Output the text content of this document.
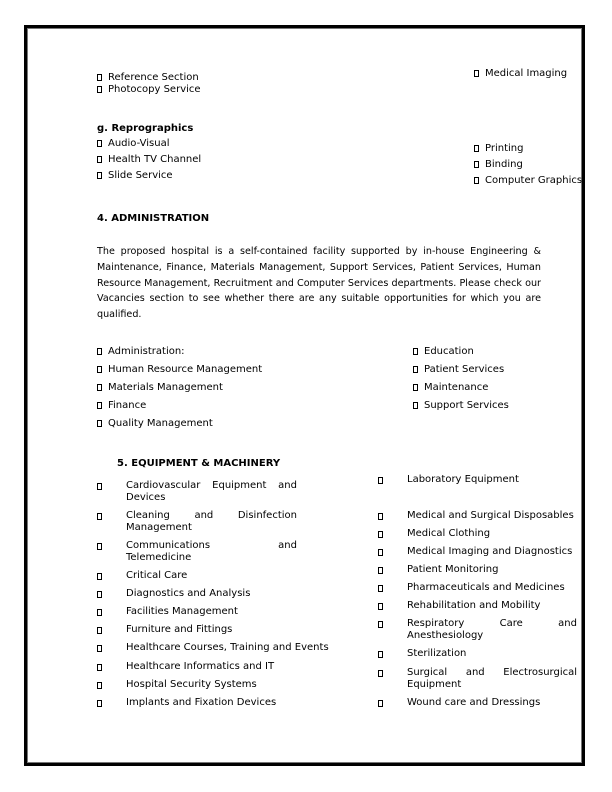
Reference Section
Photocopy Service
Medical Imaging
g. Reprographics
Audio-Visual
Health TV Channel
Slide Service
Printing
Binding
Computer Graphics
4. ADMINISTRATION
The proposed hospital is a self-contained facility supported by in-house Engineering & Maintenance, Finance, Materials Management, Support Services, Patient Services, Human Resource Management, Recruitment and Computer Services departments. Please check our Vacancies section to see whether there are any suitable opportunities for which you are qualified.
Administration:
Human Resource Management
Materials Management
Finance
Quality Management
Education
Patient Services
Maintenance
Support Services
5. EQUIPMENT & MACHINERY
Cardiovascular Equipment and
Devices
Cleaning and Disinfection
Management
Communications and
Telemedicine
Critical Care
Diagnostics and Analysis
Facilities Management
Furniture and Fittings
Healthcare Courses, Training and Events
Healthcare Informatics and IT
Hospital Security Systems
Implants and Fixation Devices
Laboratory Equipment
Medical and Surgical Disposables
Medical Clothing
Medical Imaging and Diagnostics
Patient Monitoring
Pharmaceuticals and Medicines
Rehabilitation and Mobility
Respiratory Care and
Anesthesiology
Sterilization
Surgical and Electrosurgical
Equipment
Wound care and Dressings
